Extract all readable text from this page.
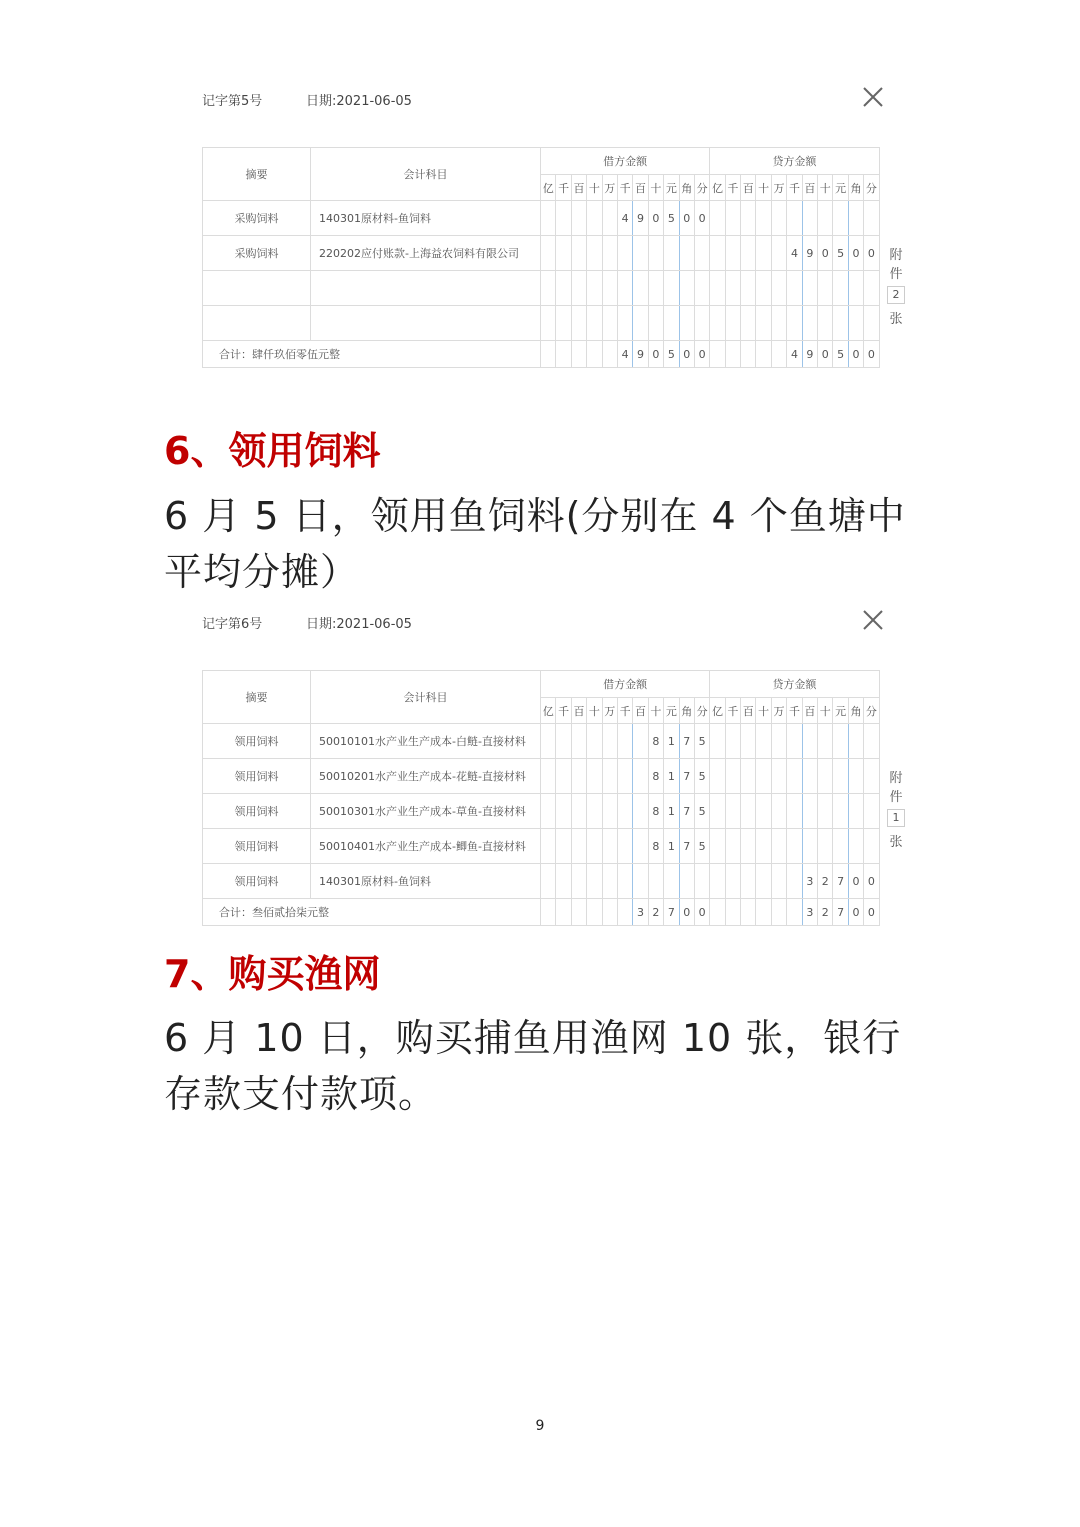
记字第5号	日期:2021-06-05
摘要	会计科目	借方金额											贷方金额										
		亿	千	百	十	万	千	百	十	元	角	分	亿	千	百	十	万	千	百	十	元	角	分
采购饲料	140301原材料-鱼饲料						4	9	0	5	0	0											
采购饲料	220202应付账款-上海益农饲料有限公司																	4	9	0	5	0	0

合计：肆仟玖佰零伍元整							4	9	0	5	0	0						4	9	0	5	0	0
附
件
2
张
6、领用饲料
6 月 5 日，领用鱼饲料(分别在 4 个鱼塘中平均分摊）
记字第6号	日期:2021-06-05
摘要	会计科目	借方金额											贷方金额										
		亿	千	百	十	万	千	百	十	元	角	分	亿	千	百	十	万	千	百	十	元	角	分
领用饲料	50010101水产业生产成本-白鲢-直接材料								8	1	7	5											
领用饲料	50010201水产业生产成本-花鲢-直接材料								8	1	7	5											
领用饲料	50010301水产业生产成本-草鱼-直接材料								8	1	7	5											
领用饲料	50010401水产业生产成本-鲫鱼-直接材料								8	1	7	5											
领用饲料	140301原材料-鱼饲料																		3	2	7	0	0
合计：叁佰贰拾柒元整								3	2	7	0	0							3	2	7	0	0
附
件
1
张
7、购买渔网
6 月 10 日，购买捕鱼用渔网 10 张，银行存款支付款项。
9
